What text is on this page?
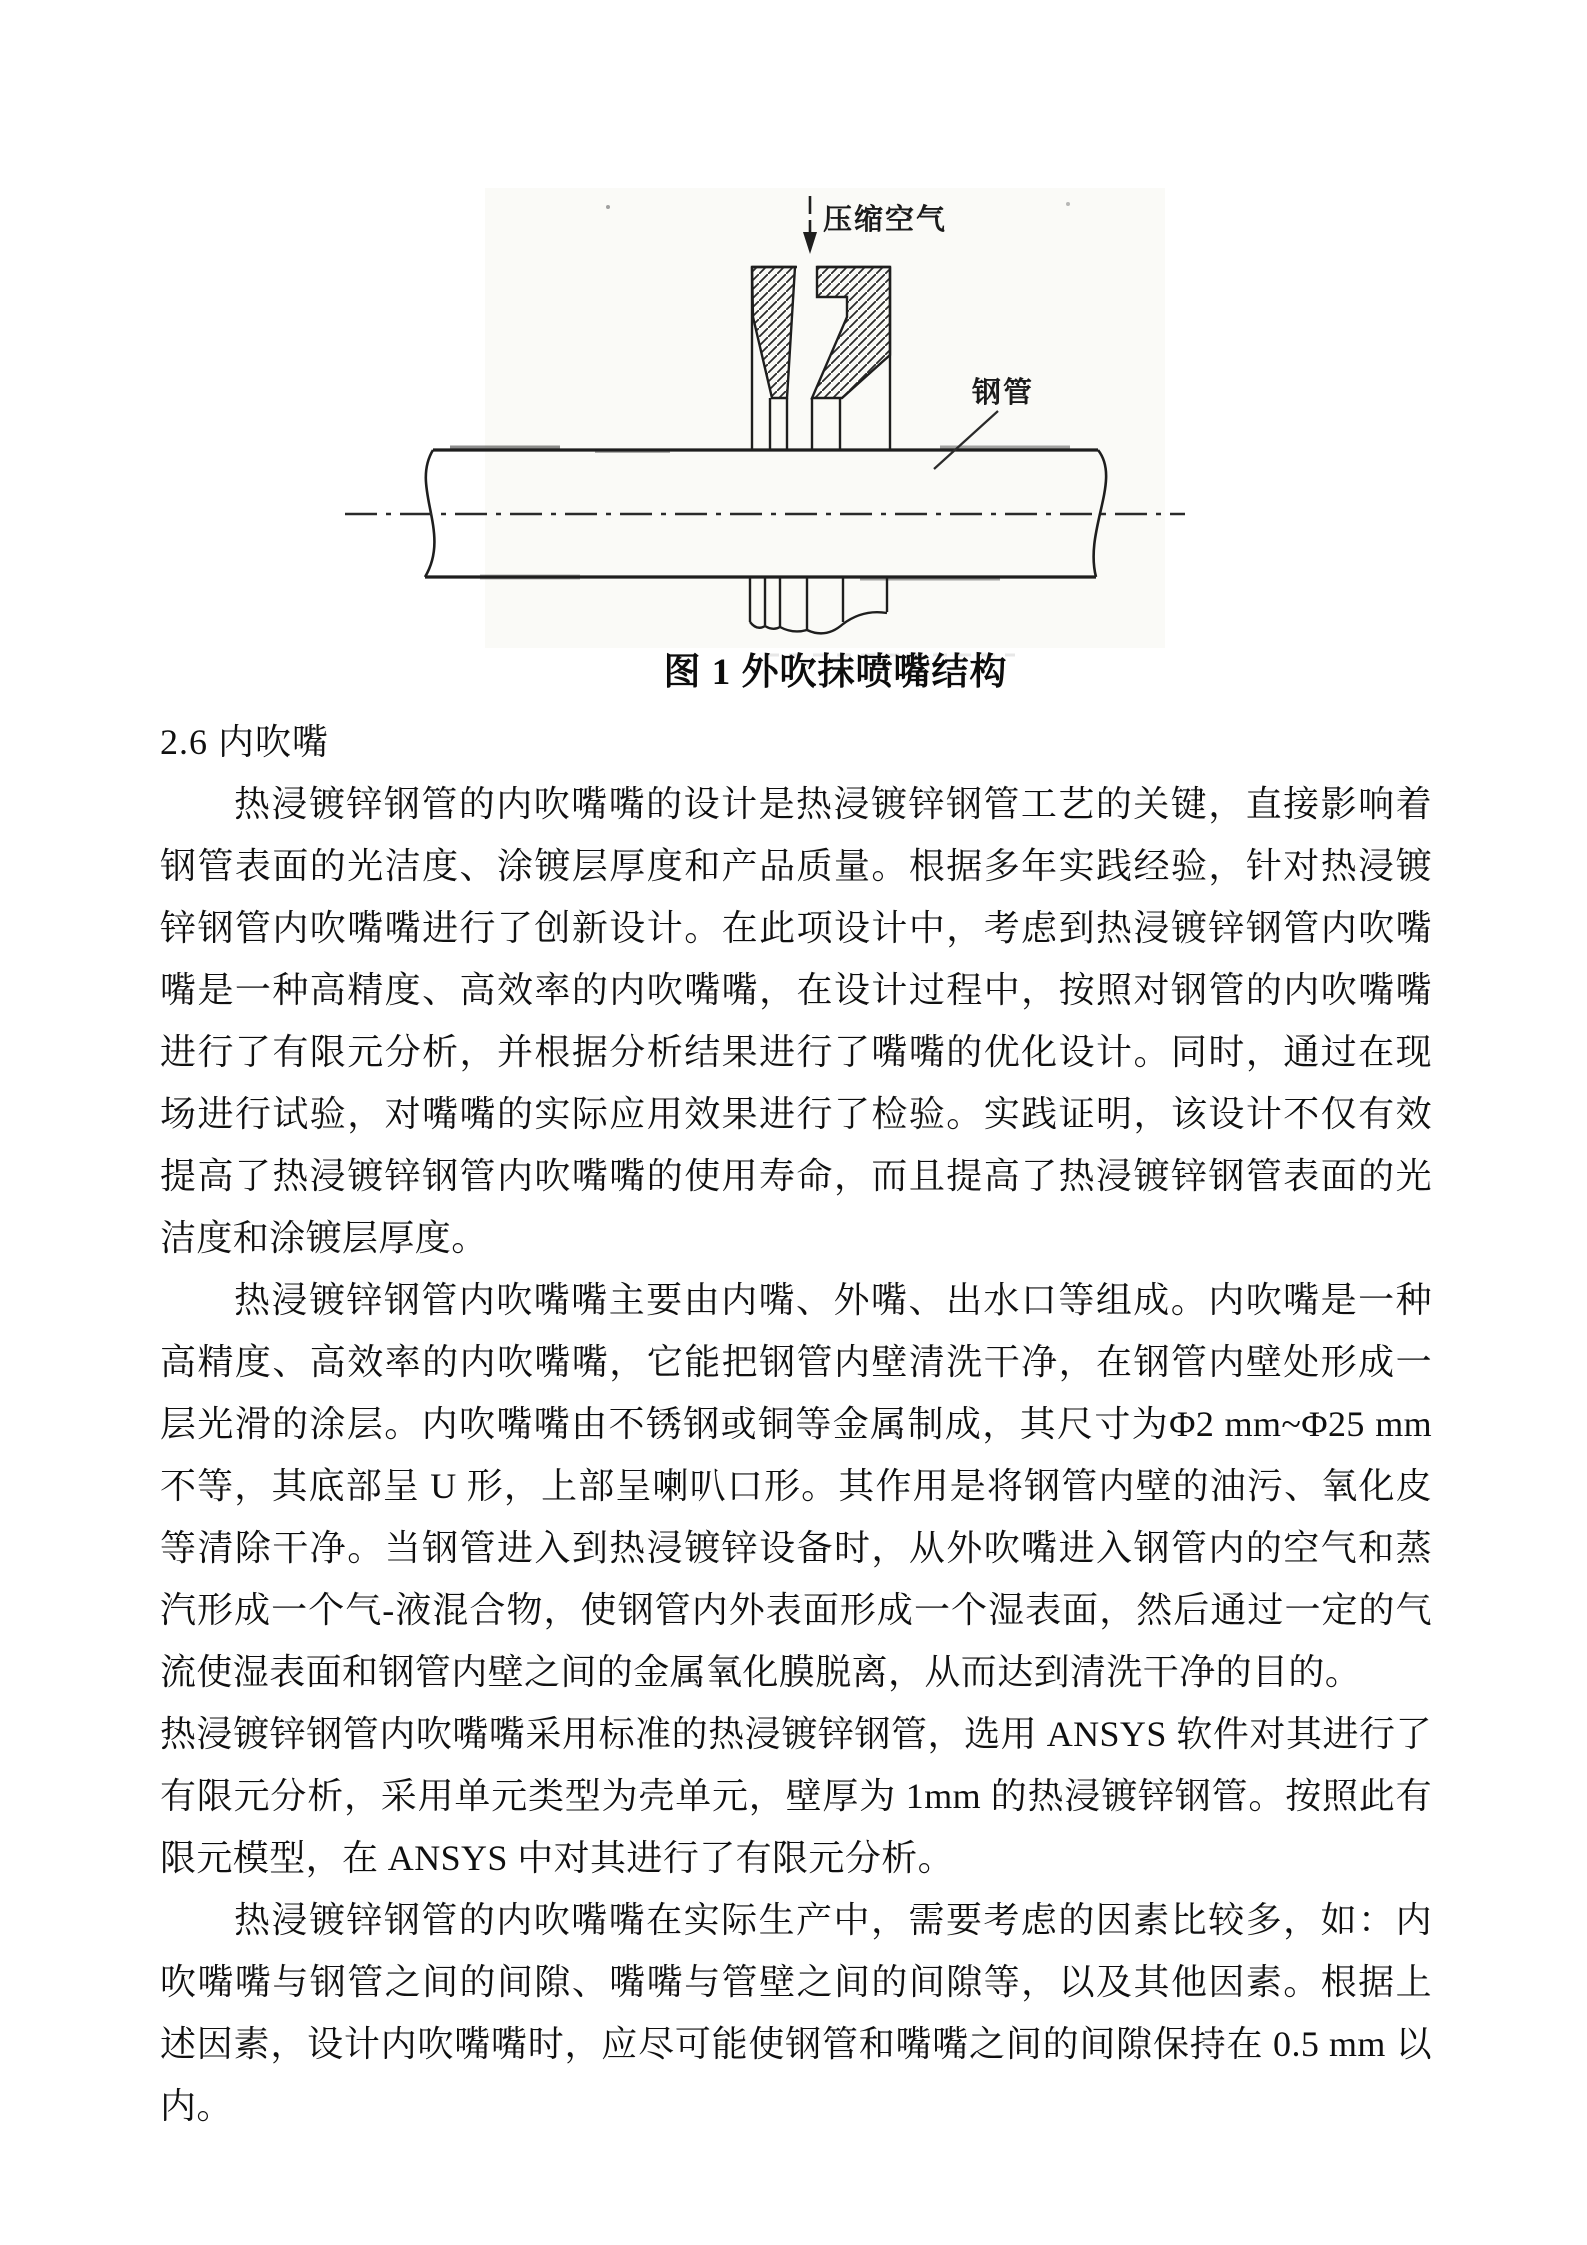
压缩空气
钢管
图 1 外吹抹喷嘴结构
2.6 内吹嘴

热浸镀锌钢管的内吹嘴嘴的设计是热浸镀锌钢管工艺的关键，直接影响着钢管表面的光洁度、涂镀层厚度和产品质量。根据多年实践经验，针对热浸镀锌钢管内吹嘴嘴进行了创新设计。在此项设计中，考虑到热浸镀锌钢管内吹嘴嘴是一种高精度、高效率的内吹嘴嘴，在设计过程中，按照对钢管的内吹嘴嘴进行了有限元分析，并根据分析结果进行了嘴嘴的优化设计。同时，通过在现场进行试验，对嘴嘴的实际应用效果进行了检验。实践证明，该设计不仅有效提高了热浸镀锌钢管内吹嘴嘴的使用寿命，而且提高了热浸镀锌钢管表面的光洁度和涂镀层厚度。

热浸镀锌钢管内吹嘴嘴主要由内嘴、外嘴、出水口等组成。内吹嘴是一种高精度、高效率的内吹嘴嘴，它能把钢管内壁清洗干净，在钢管内壁处形成一层光滑的涂层。内吹嘴嘴由不锈钢或铜等金属制成，其尺寸为Φ2 mm~Φ25 mm 不等，其底部呈 U 形，上部呈喇叭口形。其作用是将钢管内壁的油污、氧化皮等清除干净。当钢管进入到热浸镀锌设备时，从外吹嘴进入钢管内的空气和蒸汽形成一个气-液混合物，使钢管内外表面形成一个湿表面，然后通过一定的气流使湿表面和钢管内壁之间的金属氧化膜脱离，从而达到清洗干净的目的。

热浸镀锌钢管内吹嘴嘴采用标准的热浸镀锌钢管，选用 ANSYS 软件对其进行了有限元分析，采用单元类型为壳单元，壁厚为 1mm 的热浸镀锌钢管。按照此有限元模型，在 ANSYS 中对其进行了有限元分析。

热浸镀锌钢管的内吹嘴嘴在实际生产中，需要考虑的因素比较多，如：内吹嘴嘴与钢管之间的间隙、嘴嘴与管壁之间的间隙等，以及其他因素。根据上述因素，设计内吹嘴嘴时，应尽可能使钢管和嘴嘴之间的间隙保持在 0.5 mm 以内。
